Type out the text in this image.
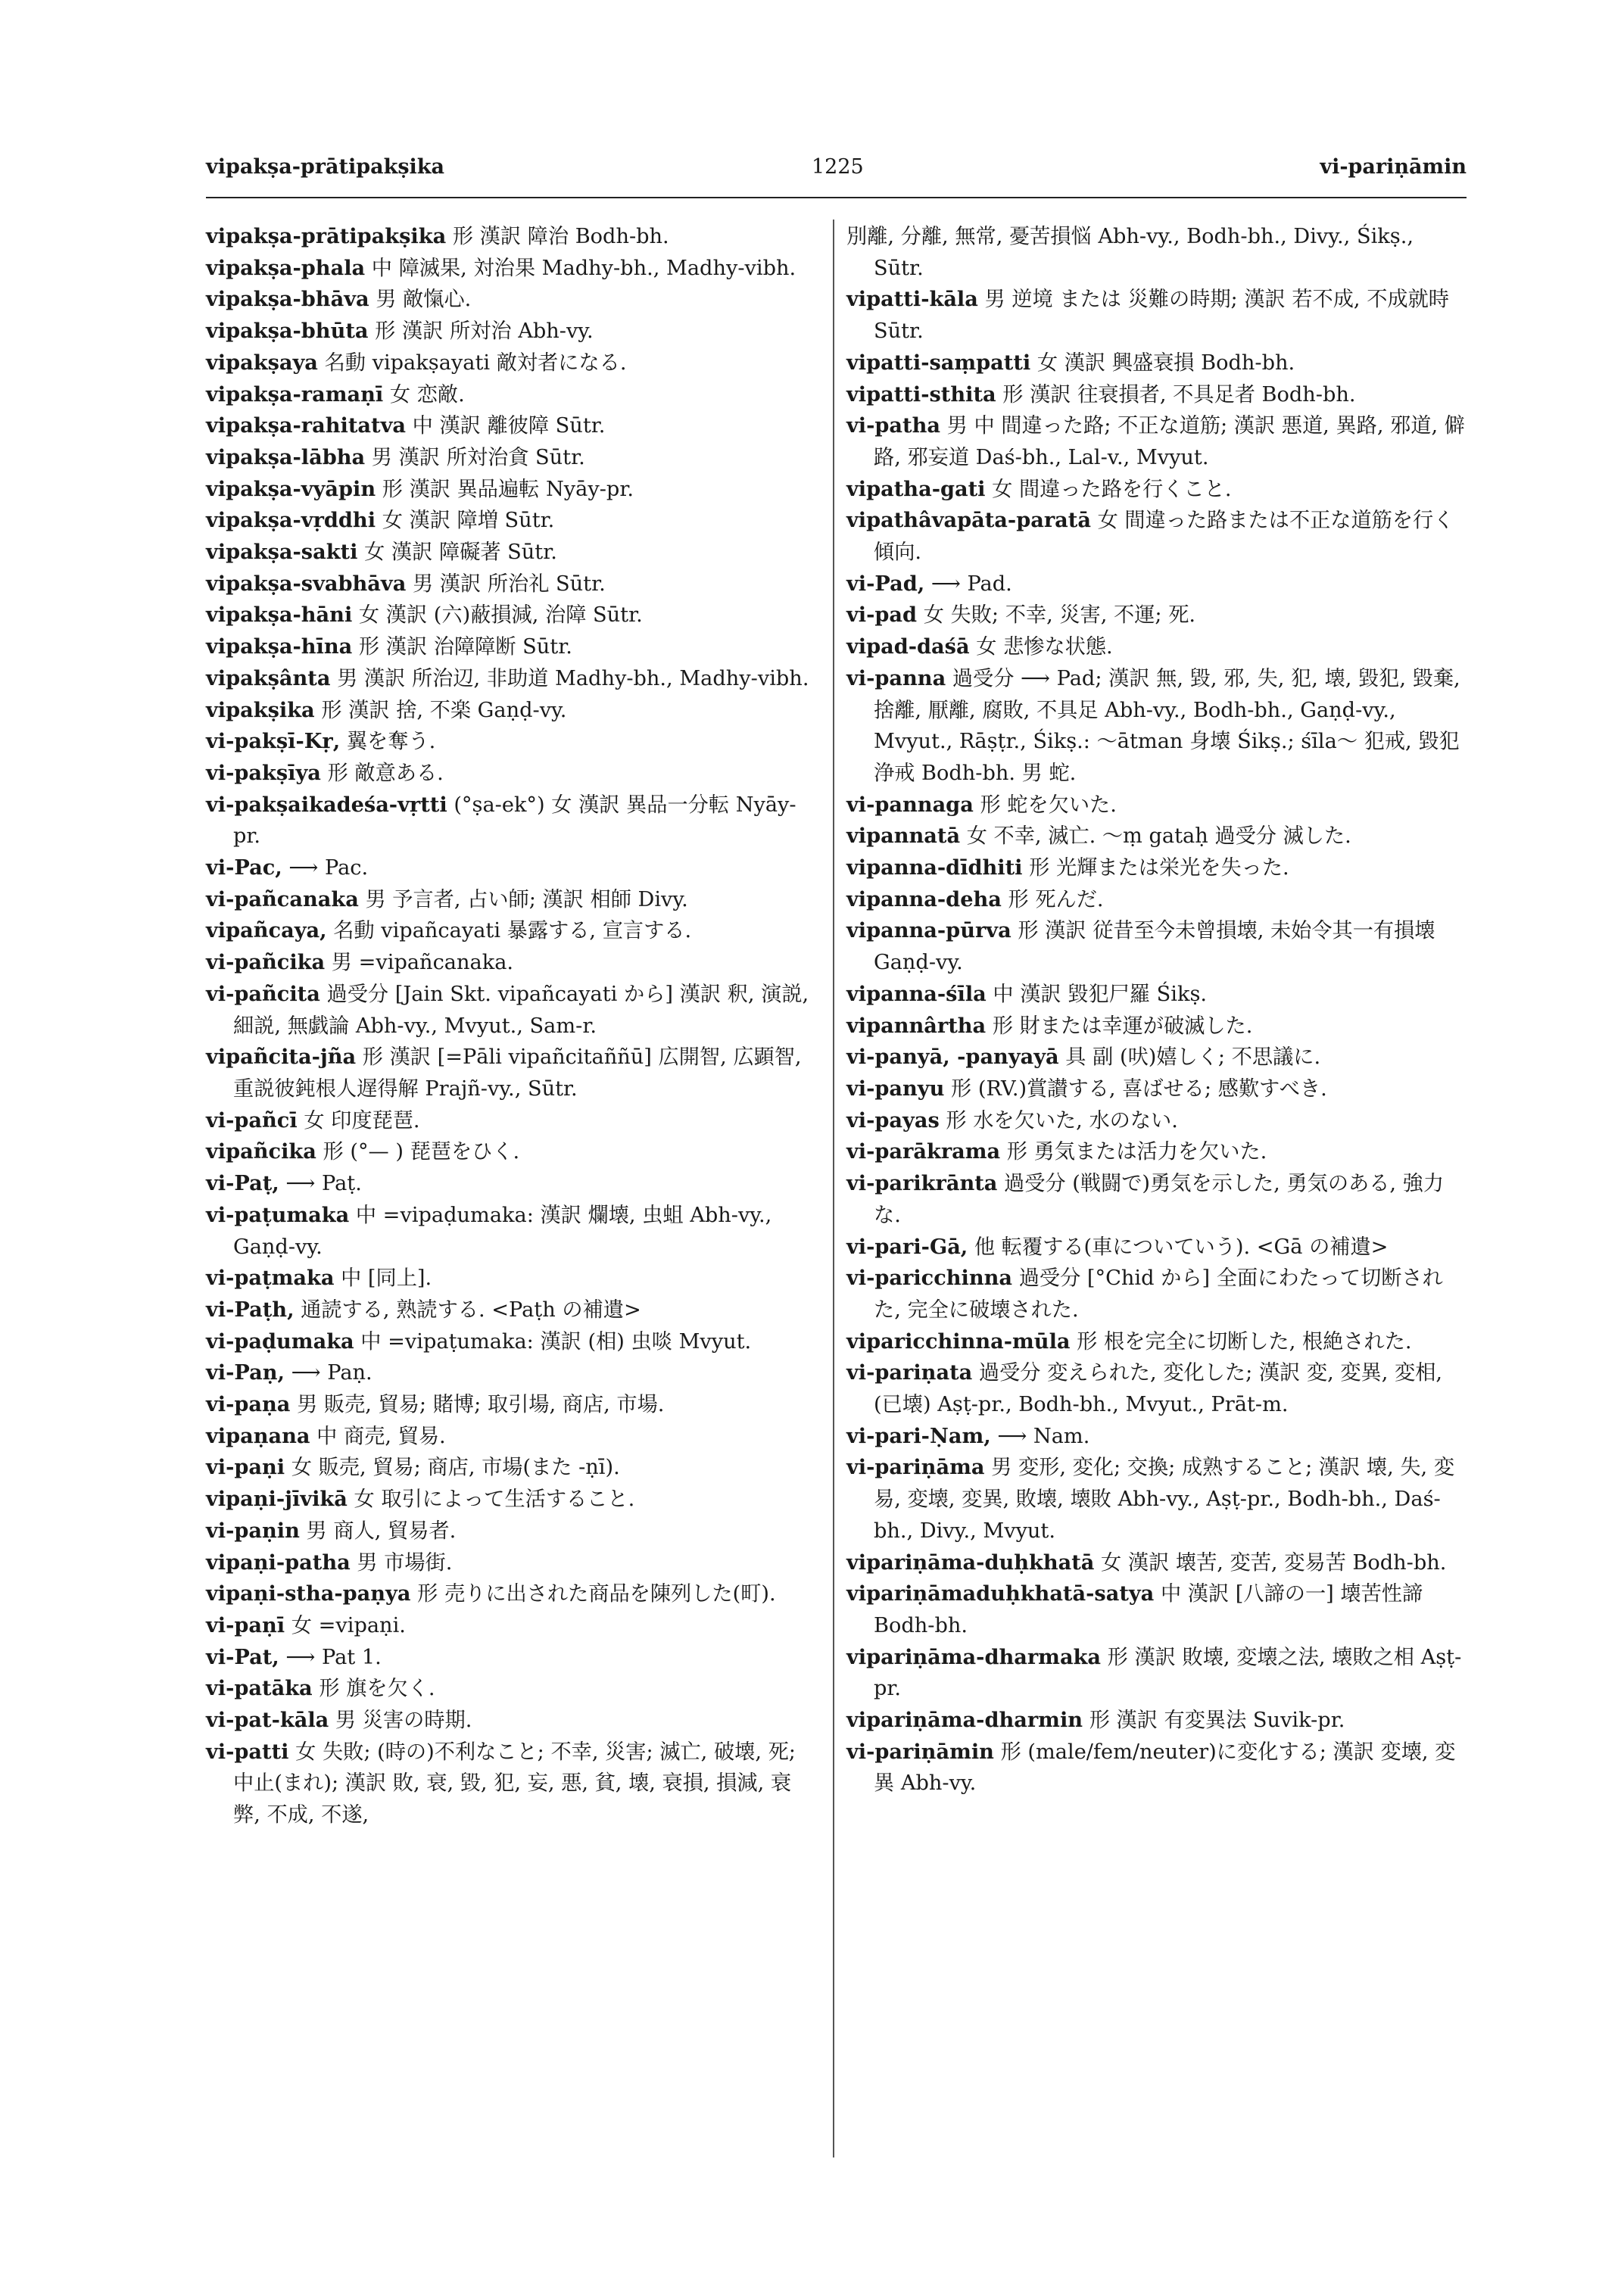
vipakṣa-prātipakṣika	1225	vi-pariṇāmin

vipakṣa-prātipakṣika 形 漢訳 障治 Bodh-bh.

vipakṣa-phala 中 障滅果, 対治果 Madhy-bh., Madhy-vibh.

vipakṣa-bhāva 男 敵愾心.

vipakṣa-bhūta 形 漢訳 所対治 Abh-vy.

vipakṣaya 名動 vipakṣayati 敵対者になる.

vipakṣa-ramaṇī 女 恋敵.

vipakṣa-rahitatva 中 漢訳 離彼障 Sūtr.

vipakṣa-lābha 男 漢訳 所対治貪 Sūtr.

vipakṣa-vyāpin 形 漢訳 異品遍転 Nyāy-pr.

vipakṣa-vṛddhi 女 漢訳 障増 Sūtr.

vipakṣa-sakti 女 漢訳 障礙著 Sūtr.

vipakṣa-svabhāva 男 漢訳 所治礼 Sūtr.

vipakṣa-hāni 女 漢訳 (六)蔽損減, 治障 Sūtr.

vipakṣa-hīna 形 漢訳 治障障断 Sūtr.

vipakṣânta 男 漢訳 所治辺, 非助道 Madhy-bh., Madhy-vibh.

vipakṣika 形 漢訳 捨, 不楽 Gaṇḍ-vy.

vi-pakṣī-Kṛ, 翼を奪う.

vi-pakṣīya 形 敵意ある.

vi-pakṣaikadeśa-vṛtti (°ṣa-ek°) 女 漢訳 異品一分転 Nyāy-pr.

vi-Pac, ⟶ Pac.

vi-pañcanaka 男 予言者, 占い師; 漢訳 相師 Divy.

vipañcaya, 名動 vipañcayati 暴露する, 宣言する.

vi-pañcika 男 =vipañcanaka.

vi-pañcita 過受分 [Jain Skt. vipañcayati から] 漢訳 釈, 演説, 細説, 無戯論 Abh-vy., Mvyut., Sam-r.

vipañcita-jña 形 漢訳 [=Pāli vipañcitaññū] 広開智, 広顕智, 重説彼鈍根人遅得解 Prajñ-vy., Sūtr.

vi-pañcī 女 印度琵琶.

vipañcika 形 (°— ) 琵琶をひく.

vi-Paṭ, ⟶ Paṭ.

vi-paṭumaka 中 =vipaḍumaka: 漢訳 爛壊, 虫蛆 Abh-vy., Gaṇḍ-vy.

vi-paṭmaka 中 [同上].

vi-Paṭh, 通読する, 熟読する. <Paṭh の補遺>

vi-paḍumaka 中 =vipaṭumaka: 漢訳 (相) 虫啖 Mvyut.

vi-Paṇ, ⟶ Paṇ.

vi-paṇa 男 販売, 貿易; 賭博; 取引場, 商店, 市場.

vipaṇana 中 商売, 貿易.

vi-paṇi 女 販売, 貿易; 商店, 市場(また -ṇī).

vipaṇi-jīvikā 女 取引によって生活すること.

vi-paṇin 男 商人, 貿易者.

vipaṇi-patha 男 市場街.

vipaṇi-stha-paṇya 形 売りに出された商品を陳列した(町).

vi-paṇī 女 =vipaṇi.

vi-Pat, ⟶ Pat 1.

vi-patāka 形 旗を欠く.

vi-pat-kāla 男 災害の時期.

vi-patti 女 失敗; (時の)不利なこと; 不幸, 災害; 滅亡, 破壊, 死; 中止(まれ); 漢訳 敗, 衰, 毀, 犯, 妄, 悪, 貧, 壊, 衰損, 損減, 衰弊, 不成, 不遂,

別離, 分離, 無常, 憂苦損悩 Abh-vy., Bodh-bh., Divy., Śikṣ., Sūtr.

vipatti-kāla 男 逆境 または 災難の時期; 漢訳 若不成, 不成就時 Sūtr.

vipatti-saṃpatti 女 漢訳 興盛衰損 Bodh-bh.

vipatti-sthita 形 漢訳 往衰損者, 不具足者 Bodh-bh.

vi-patha 男 中 間違った路; 不正な道筋; 漢訳 悪道, 異路, 邪道, 僻路, 邪妄道 Daś-bh., Lal-v., Mvyut.

vipatha-gati 女 間違った路を行くこと.

vipathâvapāta-paratā 女 間違った路または不正な道筋を行く傾向.

vi-Pad, ⟶ Pad.

vi-pad 女 失敗; 不幸, 災害, 不運; 死.

vipad-daśā 女 悲惨な状態.

vi-panna 過受分 ⟶ Pad; 漢訳 無, 毀, 邪, 失, 犯, 壊, 毀犯, 毀棄, 捨離, 厭離, 腐敗, 不具足 Abh-vy., Bodh-bh., Gaṇḍ-vy., Mvyut., Rāṣṭr., Śikṣ.: ～ātman 身壊 Śikṣ.; śīla～ 犯戒, 毀犯浄戒 Bodh-bh. 男 蛇.

vi-pannaga 形 蛇を欠いた.

vipannatā 女 不幸, 滅亡. ～ṃ gataḥ 過受分 滅した.

vipanna-dīdhiti 形 光輝または栄光を失った.

vipanna-deha 形 死んだ.

vipanna-pūrva 形 漢訳 従昔至今未曾損壊, 未始令其一有損壊 Gaṇḍ-vy.

vipanna-śīla 中 漢訳 毀犯尸羅 Śikṣ.

vipannârtha 形 財または幸運が破滅した.

vi-panyā, -panyayā 具 副 (吠)嬉しく; 不思議に.

vi-panyu 形 (RV.)賞讃する, 喜ばせる; 感歎すべき.

vi-payas 形 水を欠いた, 水のない.

vi-parākrama 形 勇気または活力を欠いた.

vi-parikrānta 過受分 (戦闘で)勇気を示した, 勇気のある, 強力な.

vi-pari-Gā, 他 転覆する(車についていう). <Gā の補遺>

vi-paricchinna 過受分 [°Chid から] 全面にわたって切断された, 完全に破壊された.

viparicchinna-mūla 形 根を完全に切断した, 根絶された.

vi-pariṇata 過受分 変えられた, 変化した; 漢訳 変, 変異, 変相, (已壊) Aṣṭ-pr., Bodh-bh., Mvyut., Prāt-m.

vi-pari-Ṇam, ⟶ Nam.

vi-pariṇāma 男 変形, 変化; 交換; 成熟すること; 漢訳 壊, 失, 変易, 変壊, 変異, 敗壊, 壊敗 Abh-vy., Aṣṭ-pr., Bodh-bh., Daś-bh., Divy., Mvyut.

vipariṇāma-duḥkhatā 女 漢訳 壊苦, 変苦, 変易苦 Bodh-bh.

vipariṇāmaduḥkhatā-satya 中 漢訳 [八諦の一] 壊苦性諦 Bodh-bh.

vipariṇāma-dharmaka 形 漢訳 敗壊, 変壊之法, 壊敗之相 Aṣṭ-pr.

vipariṇāma-dharmin 形 漢訳 有変異法 Suvik-pr.

vi-pariṇāmin 形 (male/fem/neuter)に変化する; 漢訳 変壊, 変異 Abh-vy.
